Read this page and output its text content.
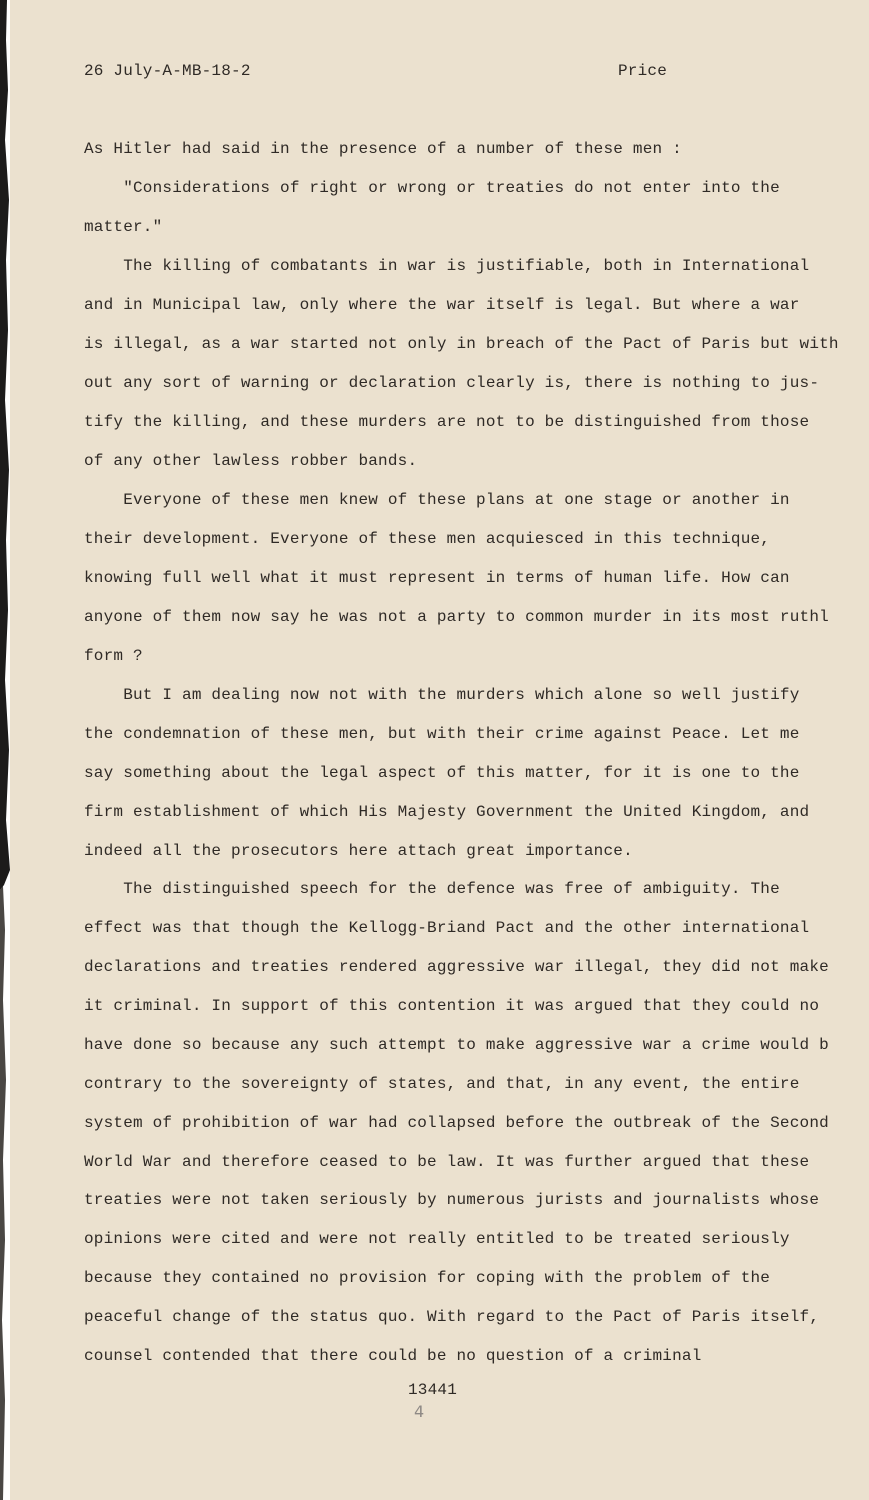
26 July-A-MB-18-2	Price
As Hitler had said in the presence of a number of these men :
"Considerations of right or wrong or treaties do not enter into the
matter."
The killing of combatants in war is justifiable, both in International
and in Municipal law, only where the war itself is legal. But where a war
is illegal, as a war started not only in breach of the Pact of Paris but with
out any sort of warning or declaration clearly is, there is nothing to jus-
tify the killing, and these murders are not to be distinguished from those
of any other lawless robber bands.
Everyone of these men knew of these plans at one stage or another in
their development. Everyone of these men acquiesced in this technique,
knowing full well what it must represent in terms of human life. How can
anyone of them now say he was not a party to common murder in its most ruthl
form ?
But I am dealing now not with the murders which alone so well justify
the condemnation of these men, but with their crime against Peace. Let me
say something about the legal aspect of this matter, for it is one to the
firm establishment of which His Majesty Government the United Kingdom, and
indeed all the prosecutors here attach great importance.
The distinguished speech for the defence was free of ambiguity. The
effect was that though the Kellogg-Briand Pact and the other international
declarations and treaties rendered aggressive war illegal, they did not make
it criminal. In support of this contention it was argued that they could no
have done so because any such attempt to make aggressive war a crime would b
contrary to the sovereignty of states, and that, in any event, the entire
system of prohibition of war had collapsed before the outbreak of the Second
World War and therefore ceased to be law. It was further argued that these
treaties were not taken seriously by numerous jurists and journalists whose
opinions were cited and were not really entitled to be treated seriously
because they contained no provision for coping with the problem of the
peaceful change of the status quo. With regard to the Pact of Paris itself,
counsel contended that there could be no question of a criminal
13441
4
